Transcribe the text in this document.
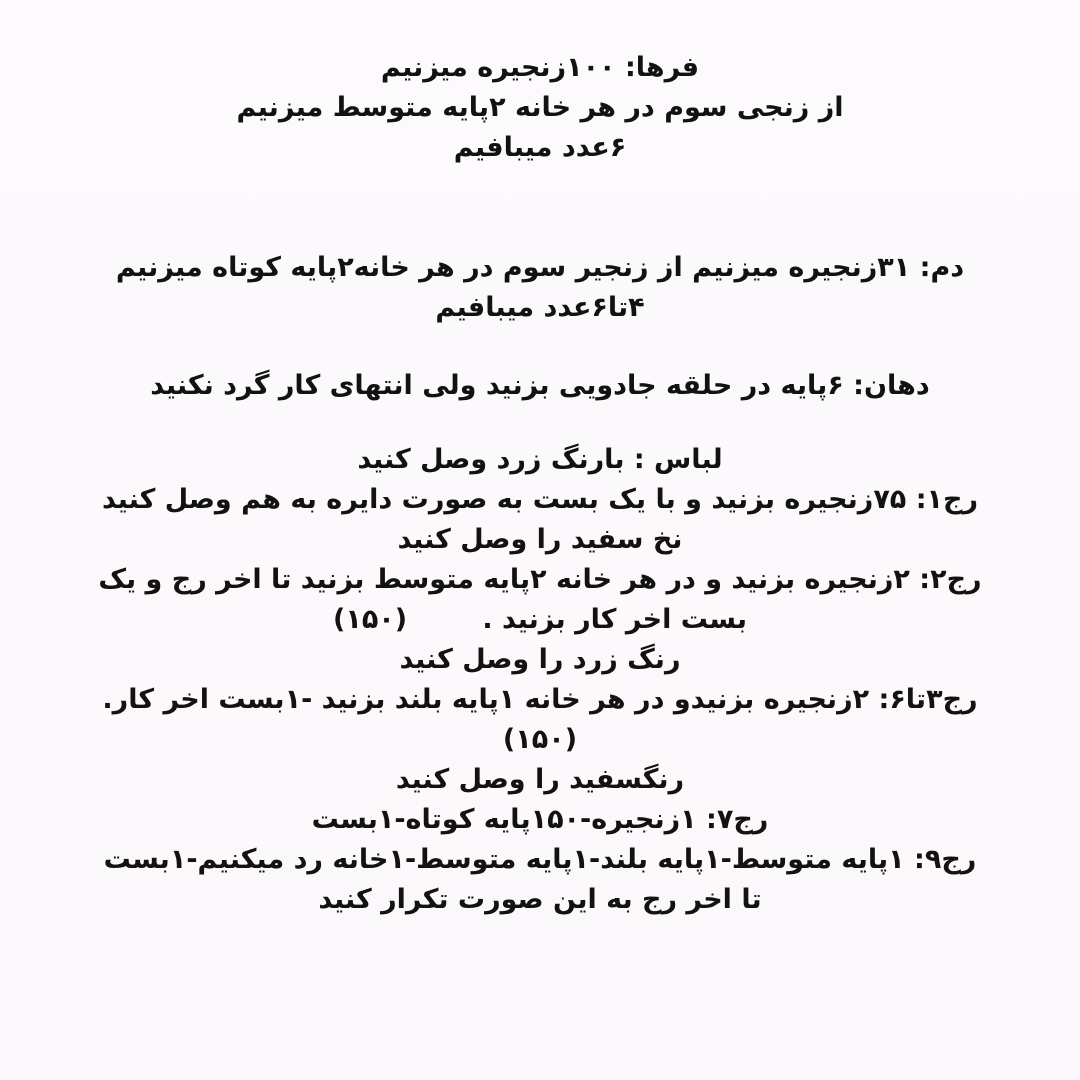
فرها: ۱۰۰زنجیره میزنیم
از زنجی سوم در هر خانه ۲پایه متوسط میزنیم
۶عدد میبافیم
دم: ۳۱زنجیره میزنیم از زنجیر سوم در هر خانه۲پایه کوتاه میزنیم
۴تا۶عدد میبافیم
دهان: ۶پایه در حلقه جادویی بزنید ولی انتهای کار گرد نکنید
لباس : بارنگ زرد وصل کنید
رج۱: ۷۵زنجیره بزنید و با یک بست به صورت دایره به هم وصل کنید
نخ سفید را وصل کنید
رج۲: ۲زنجیره بزنید و در هر خانه ۲پایه متوسط بزنید تا اخر رج و یک
بست اخر کار بزنید .        (۱۵۰)
رنگ زرد را وصل کنید
رج۳تا۶: ۲زنجیره بزنیدو در هر خانه ۱پایه بلند بزنید -۱بست اخر کار.
(۱۵۰)
رنگسفید را وصل کنید
رج۷: ۱زنجیره-۱۵۰پایه کوتاه-۱بست
رج۹: ۱پایه متوسط-۱پایه بلند-۱پایه متوسط-۱خانه رد میکنیم-۱بست
تا اخر رج به این صورت تکرار کنید
